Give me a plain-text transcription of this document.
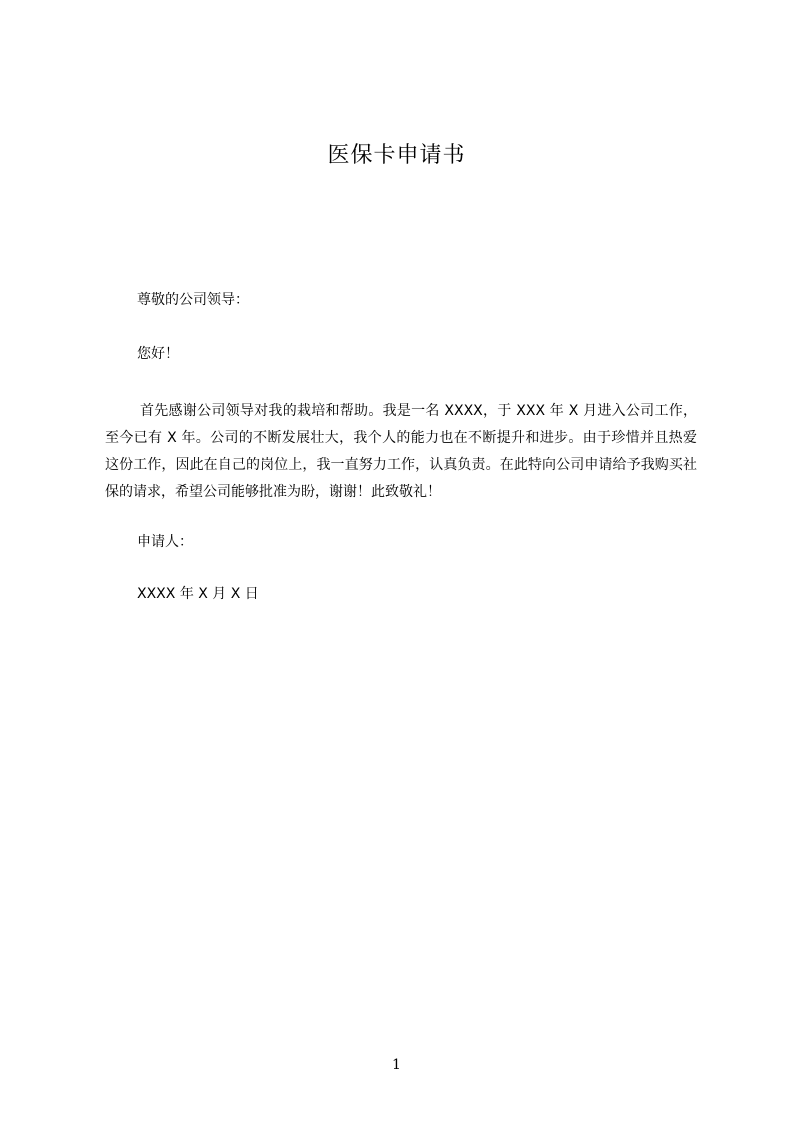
医保卡申请书

尊敬的公司领导：

您好！

首先感谢公司领导对我的栽培和帮助。我是一名 XXXX，于 XXX 年 X 月进入公司工作，至今已有 X 年。公司的不断发展壮大，我个人的能力也在不断提升和进步。由于珍惜并且热爱这份工作，因此在自己的岗位上，我一直努力工作，认真负责。在此特向公司申请给予我购买社保的请求，希望公司能够批准为盼，谢谢！此致敬礼！

申请人：

XXXX 年 X 月 X 日

1
